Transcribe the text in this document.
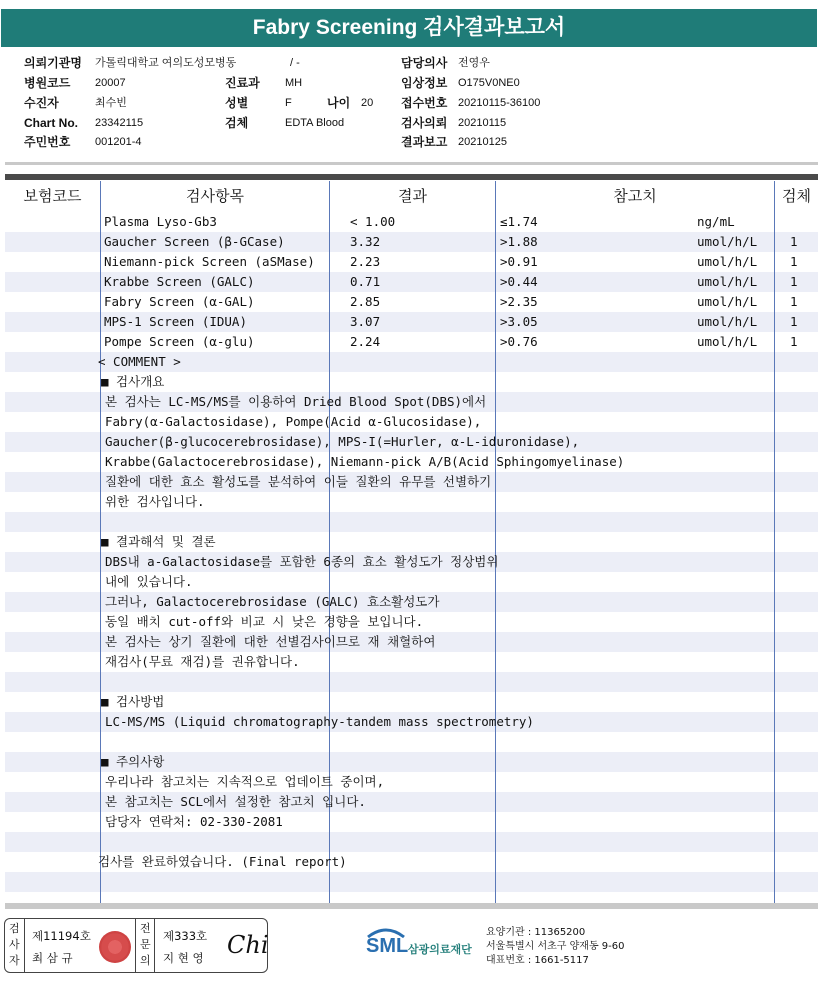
Fabry Screening 검사결과보고서
의뢰기관명 가톨릭대학교 여의도성모병동	/ -	담당의사 전영우
병원코드 20007	진료과 MH	임상정보 O175V0NE0
수진자	최수빈	성별	F	나이 20 접수번호 20210115-36100
Chart No. 23342115	검체	EDTA Blood	검사의뢰 20210115
주민번호 001201-4	결과보고 20210125
보험코드	검사항목	결과	참고치	검체
Plasma Lyso-Gb3	< 1.00	≤1.74	ng/mL
Gaucher Screen (β-GCase)	3.32	>1.88	umol/h/L	1
Niemann-pick Screen (aSMase)	2.23	>0.91	umol/h/L	1
Krabbe Screen (GALC)	0.71	>0.44	umol/h/L	1
Fabry Screen (α-GAL)	2.85	>2.35	umol/h/L	1
MPS-1 Screen (IDUA)	3.07	>3.05	umol/h/L	1
Pompe Screen (α-glu)	2.24	>0.76	umol/h/L	1
< COMMENT >
■ 검사개요
본 검사는 LC-MS/MS를 이용하여 Dried Blood Spot(DBS)에서
Fabry(α-Galactosidase), Pompe(Acid α-Glucosidase),
Gaucher(β-glucocerebrosidase), MPS-I(=Hurler, α-L-iduronidase),
Krabbe(Galactocerebrosidase), Niemann-pick A/B(Acid Sphingomyelinase)
질환에 대한 효소 활성도를 분석하여 이들 질환의 유무를 선별하기
위한 검사입니다.
■ 결과해석 및 결론
DBS내 a-Galactosidase를 포함한 6종의 효소 활성도가 정상범위
내에 있습니다.
그러나, Galactocerebrosidase (GALC) 효소활성도가
동일 배치 cut-off와 비교 시 낮은 경향을 보입니다.
본 검사는 상기 질환에 대한 선별검사이므로 재 채혈하여
재검사(무료 재검)를 권유합니다.
■ 검사방법
LC-MS/MS (Liquid chromatography-tandem mass spectrometry)
■ 주의사항
우리나라 참고치는 지속적으로 업데이트 중이며,
본 참고치는 SCL에서 설정한 참고치 입니다.
담당자 연락처: 02-330-2081
검사를 완료하였습니다. (Final report)
검사자
제11194호
최 삼 규
전문의
제333호
지 현 영 Chi	SML 삼광의료재단
요양기관 : 11365200
서울특별시 서초구 양재동 9-60
대표번호 : 1661-5117
